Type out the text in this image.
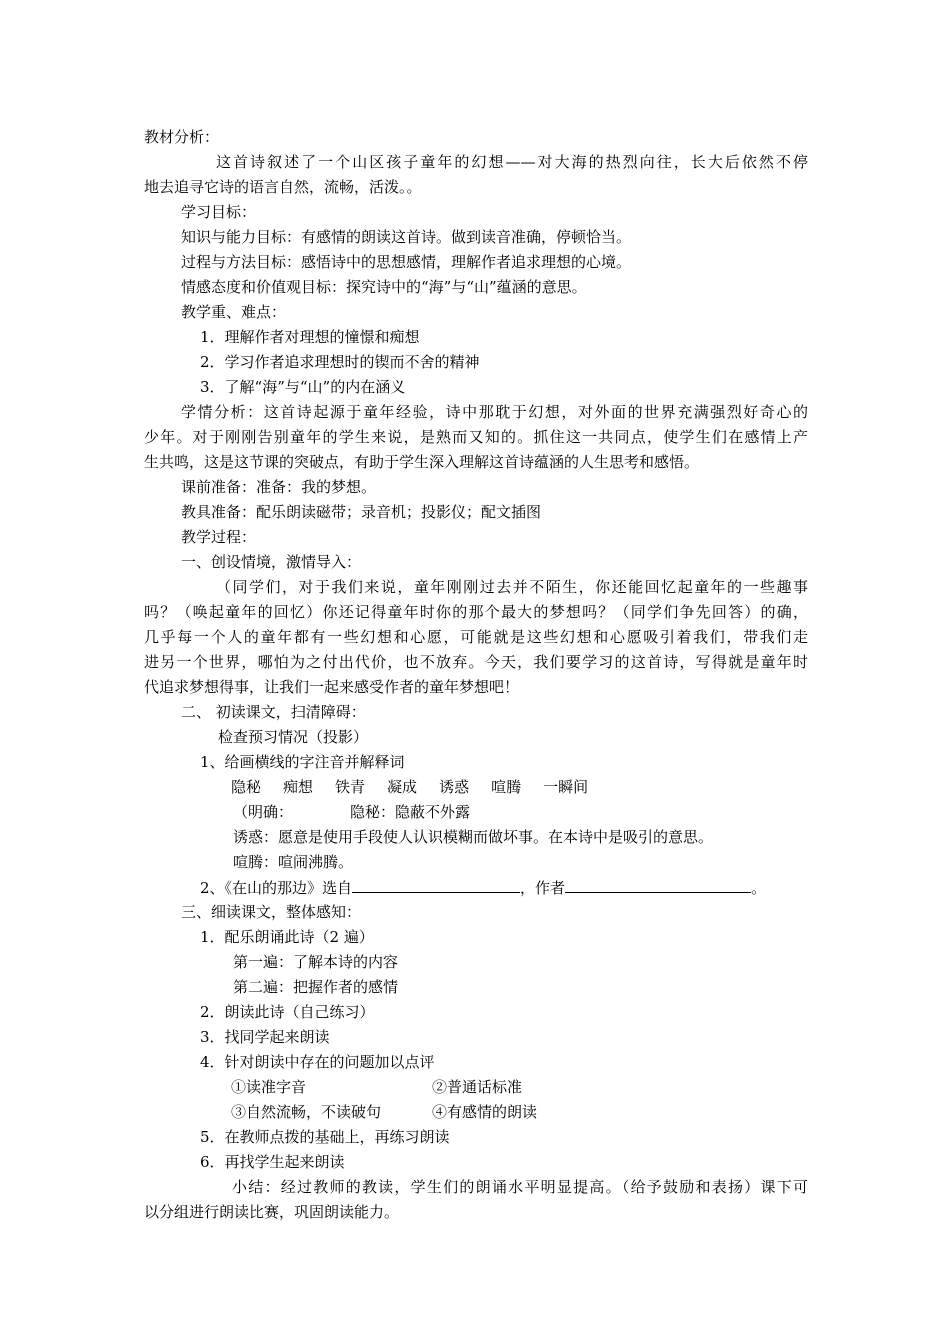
教材分析：
这首诗叙述了一个山区孩子童年的幻想——对大海的热烈向往，长大后依然不停
地去追寻它诗的语言自然，流畅，活泼。。
学习目标：
知识与能力目标：有感情的朗读这首诗。做到读音准确，停顿恰当。
过程与方法目标：感悟诗中的思想感情，理解作者追求理想的心境。
情感态度和价值观目标：探究诗中的“海”与“山”蕴涵的意思。
教学重、难点：
1．理解作者对理想的憧憬和痴想
2．学习作者追求理想时的锲而不舍的精神
3．了解“海”与“山”的内在涵义
学情分析：这首诗起源于童年经验，诗中那耽于幻想，对外面的世界充满强烈好奇心的
少年。对于刚刚告别童年的学生来说，是熟而又知的。抓住这一共同点，使学生们在感情上产
生共鸣，这是这节课的突破点，有助于学生深入理解这首诗蕴涵的人生思考和感悟。
课前准备：准备：我的梦想。
教具准备：配乐朗读磁带；录音机；投影仪；配文插图
教学过程：
一、创设情境，激情导入：
（同学们，对于我们来说，童年刚刚过去并不陌生，你还能回忆起童年的一些趣事
吗？（唤起童年的回忆）你还记得童年时你的那个最大的梦想吗？（同学们争先回答）的确，
几乎每一个人的童年都有一些幻想和心愿，可能就是这些幻想和心愿吸引着我们，带我们走
进另一个世界，哪怕为之付出代价，也不放弃。今天，我们要学习的这首诗，写得就是童年时
代追求梦想得事，让我们一起来感受作者的童年梦想吧！
二、 初读课文，扫清障碍：
检查预习情况（投影）
1、给画横线的字注音并解释词
隐秘 痴想 铁青 凝成 诱惑 喧腾 一瞬间
（明确：	隐秘：隐蔽不外露
诱惑：愿意是使用手段使人认识模糊而做坏事。在本诗中是吸引的意思。
喧腾：喧闹沸腾。
2、《在山的那边》选自	，作者	。
三、细读课文，整体感知：
1．配乐朗诵此诗（2 遍）
第一遍：了解本诗的内容
第二遍：把握作者的感情
2．朗读此诗（自己练习）
3．找同学起来朗读
4．针对朗读中存在的问题加以点评
①读准字音	②普通话标准
③自然流畅，不读破句	④有感情的朗读
5．在教师点拨的基础上，再练习朗读
6．再找学生起来朗读
小结：经过教师的教读，学生们的朗诵水平明显提高。（给予鼓励和表扬）课下可
以分组进行朗读比赛，巩固朗读能力。
